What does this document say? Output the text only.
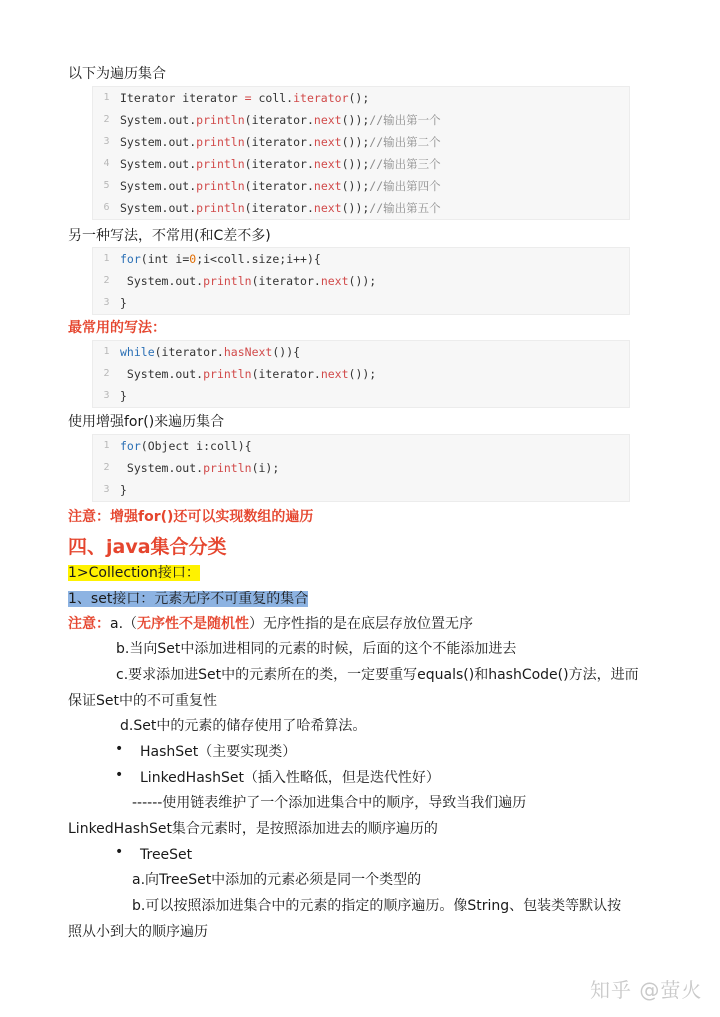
以下为遍历集合
1 Iterator iterator = coll.iterator();
2 System.out.println(iterator.next());//输出第一个
3 System.out.println(iterator.next());//输出第二个
4 System.out.println(iterator.next());//输出第三个
5 System.out.println(iterator.next());//输出第四个
6 System.out.println(iterator.next());//输出第五个
另一种写法，不常用(和C差不多)
1 for(int i=0;i<coll.size;i++){
2 System.out.println(iterator.next());
3 }
最常用的写法：
1 while(iterator.hasNext()){
2 System.out.println(iterator.next());
3 }
使用增强for()来遍历集合
1 for(Object i:coll){
2 System.out.println(i);
3 }
注意：增强for()还可以实现数组的遍历
四、java集合分类
1>Collection接口：
1、set接口：元素无序不可重复的集合
注意：a.（无序性不是随机性）无序性指的是在底层存放位置无序
b.当向Set中添加进相同的元素的时候，后面的这个不能添加进去
c.要求添加进Set中的元素所在的类，一定要重写equals()和hashCode()方法，进而
保证Set中的不可重复性
d.Set中的元素的储存使用了哈希算法。
• HashSet（主要实现类）
• LinkedHashSet（插入性略低，但是迭代性好）
------使用链表维护了一个添加进集合中的顺序，导致当我们遍历
LinkedHashSet集合元素时，是按照添加进去的顺序遍历的
• TreeSet
a.向TreeSet中添加的元素必须是同一个类型的
b.可以按照添加进集合中的元素的指定的顺序遍历。像String、包装类等默认按
照从小到大的顺序遍历
知乎 @萤火
